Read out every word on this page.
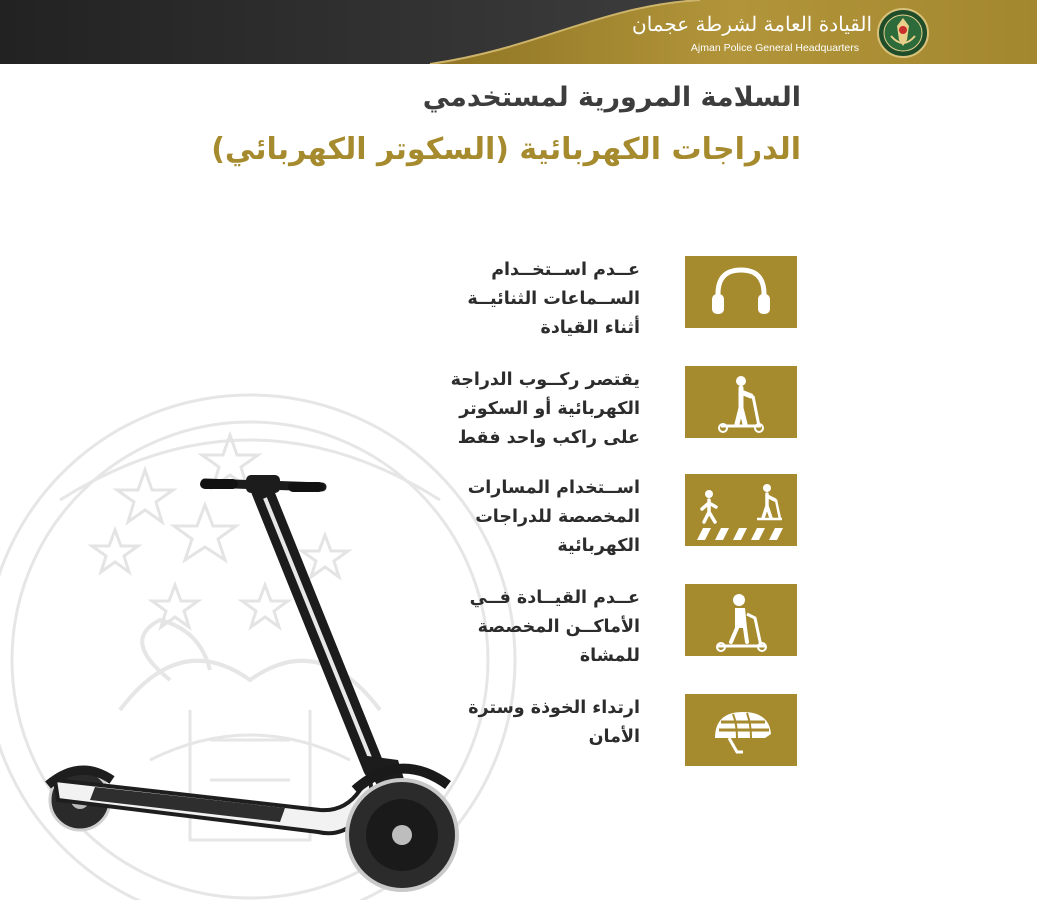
القيادة العامة لشرطة عجمان
Ajman Police General Headquarters
السلامة المرورية لمستخدمي
الدراجات الكهربائية (السكوتر الكهربائي)
عــدم اســتخــدام
الســماعات الثنائيــة
أثناء القيادة
يقتصر ركــوب الدراجة
الكهربائية أو السكوتر
على راكب واحد فقط
اســتخدام المسارات
المخصصة للدراجات
الكهربائية
عــدم القيــادة فــي
الأماكــن المخصصة
للمشاة
ارتداء الخوذة وسترة
الأمان
